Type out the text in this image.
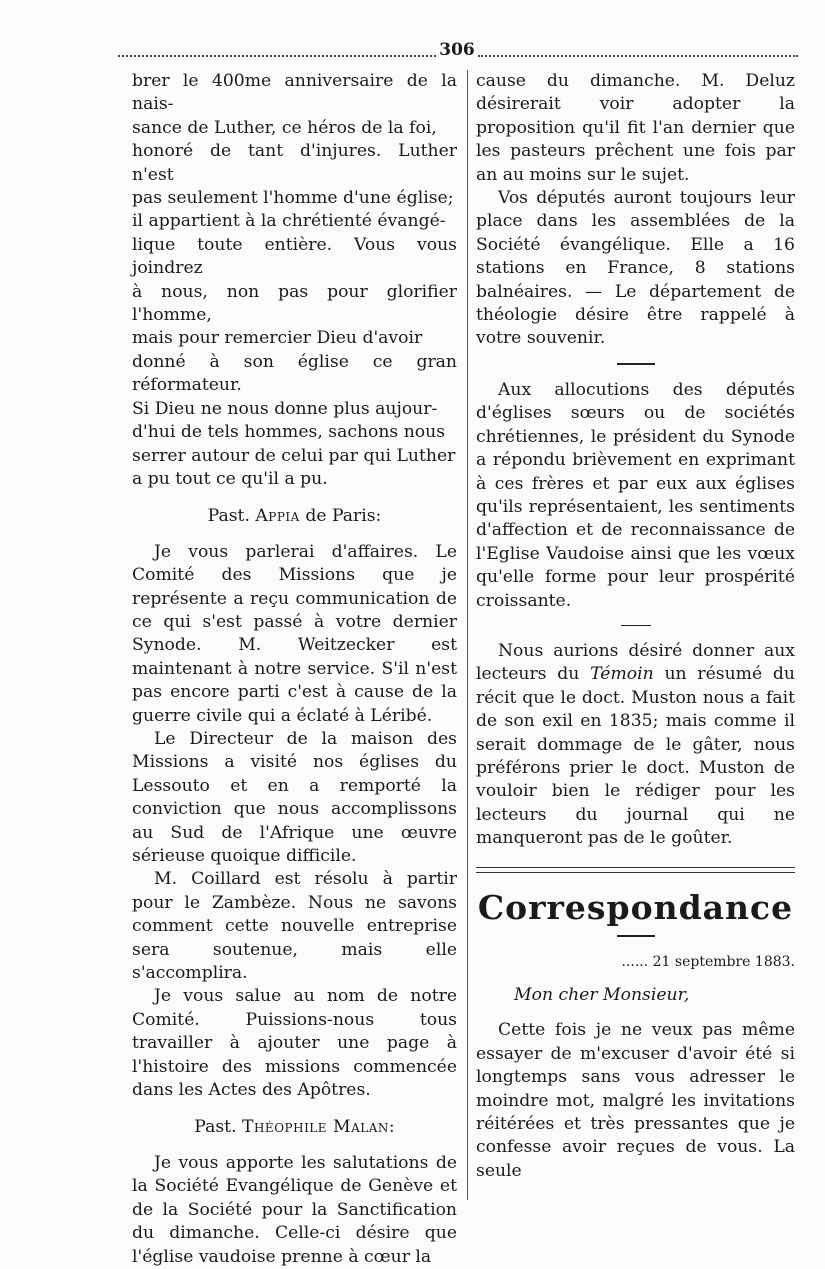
306
brer le 400me anniversaire de la nais-
sance de Luther, ce héros de la foi,
honoré de tant d'injures. Luther n'est
pas seulement l'homme d'une église;
il appartient à la chrétienté évangé-
lique toute entière. Vous vous joindrez
à nous, non pas pour glorifier l'homme,
mais pour remercier Dieu d'avoir
donné à son église ce gran réformateur.
Si Dieu ne nous donne plus aujour-
d'hui de tels hommes, sachons nous
serrer autour de celui par qui Luther
a pu tout ce qu'il a pu.
Past. Appia de Paris:

Je vous parlerai d'affaires. Le Comité des Missions que je représente a reçu communication de ce qui s'est passé à votre dernier Synode. M. Weitzecker est maintenant à notre service. S'il n'est pas encore parti c'est à cause de la guerre civile qui a éclaté à Léribé.

Le Directeur de la maison des Missions a visité nos églises du Lessouto et en a remporté la conviction que nous accomplissons au Sud de l'Afrique une œuvre sérieuse quoique difficile.

M. Coillard est résolu à partir pour le Zambèze. Nous ne savons comment cette nouvelle entreprise sera soutenue, mais elle s'accomplira.

Je vous salue au nom de notre Comité. Puissions-nous tous travailler à ajouter une page à l'histoire des missions commencée dans les Actes des Apôtres.

Past. Théophile Malan:

Je vous apporte les salutations de la Société Evangélique de Genève et de la Société pour la Sanctification du dimanche. Celle-ci désire que l'église vaudoise prenne à cœur la

cause du dimanche. M. Deluz désirerait voir adopter la proposition qu'il fit l'an dernier que les pasteurs prêchent une fois par an au moins sur le sujet.

Vos députés auront toujours leur place dans les assemblées de la Société évangélique. Elle a 16 stations en France, 8 stations balnéaires. — Le département de théologie désire être rappelé à votre souvenir.

Aux allocutions des députés d'églises sœurs ou de sociétés chrétiennes, le président du Synode a répondu brièvement en exprimant à ces frères et par eux aux églises qu'ils représentaient, les sentiments d'affection et de reconnaissance de l'Eglise Vaudoise ainsi que les vœux qu'elle forme pour leur prospérité croissante.

Nous aurions désiré donner aux lecteurs du Témoin un résumé du récit que le doct. Muston nous a fait de son exil en 1835; mais comme il serait dommage de le gâter, nous préférons prier le doct. Muston de vouloir bien le rédiger pour les lecteurs du journal qui ne manqueront pas de le goûter.

Correspondance
...... 21 septembre 1883.
Mon cher Monsieur,

Cette fois je ne veux pas même essayer de m'excuser d'avoir été si longtemps sans vous adresser le moindre mot, malgré les invitations réitérées et très pressantes que je confesse avoir reçues de vous. La seule
